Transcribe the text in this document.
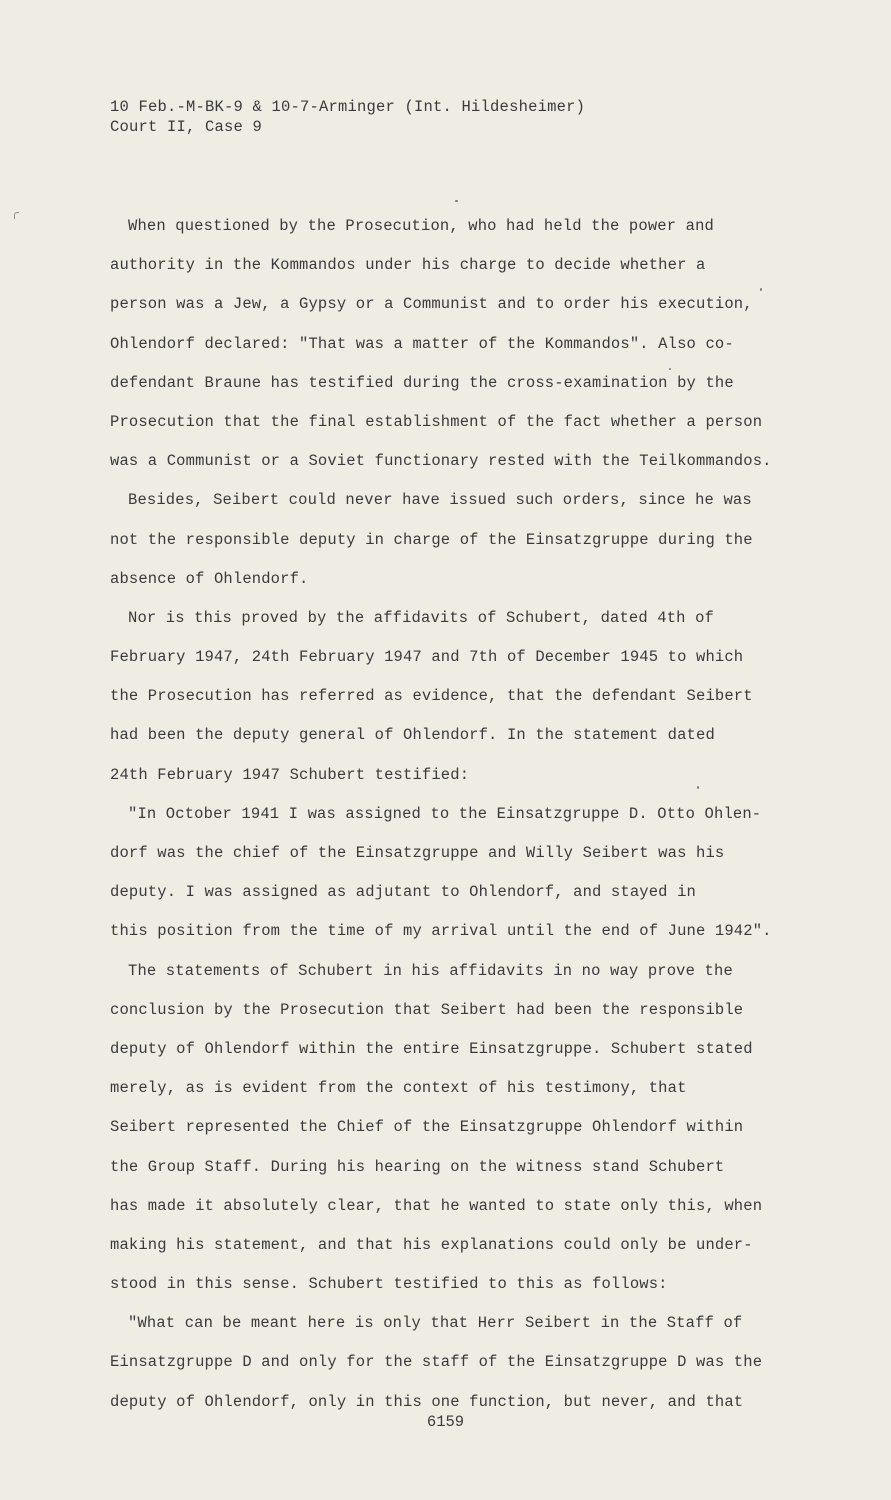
10 Feb.-M-BK-9 & 10-7-Arminger (Int. Hildesheimer)
Court II, Case 9
When questioned by the Prosecution, who had held the power and
authority in the Kommandos under his charge to decide whether a
person was a Jew, a Gypsy or a Communist and to order his execution,
Ohlendorf declared: "That was a matter of the Kommandos". Also co-
defendant Braune has testified during the cross-examination by the
Prosecution that the final establishment of the fact whether a person
was a Communist or a Soviet functionary rested with the Teilkommandos.
Besides, Seibert could never have issued such orders, since he was
not the responsible deputy in charge of the Einsatzgruppe during the
absence of Ohlendorf.
Nor is this proved by the affidavits of Schubert, dated 4th of
February 1947, 24th February 1947 and 7th of December 1945 to which
the Prosecution has referred as evidence, that the defendant Seibert
had been the deputy general of Ohlendorf. In the statement dated
24th February 1947 Schubert testified:
"In October 1941 I was assigned to the Einsatzgruppe D. Otto Ohlen-
dorf was the chief of the Einsatzgruppe and Willy Seibert was his
deputy. I was assigned as adjutant to Ohlendorf, and stayed in
this position from the time of my arrival until the end of June 1942".
The statements of Schubert in his affidavits in no way prove the
conclusion by the Prosecution that Seibert had been the responsible
deputy of Ohlendorf within the entire Einsatzgruppe. Schubert stated
merely, as is evident from the context of his testimony, that
Seibert represented the Chief of the Einsatzgruppe Ohlendorf within
the Group Staff. During his hearing on the witness stand Schubert
has made it absolutely clear, that he wanted to state only this, when
making his statement, and that his explanations could only be under-
stood in this sense. Schubert testified to this as follows:
"What can be meant here is only that Herr Seibert in the Staff of
Einsatzgruppe D and only for the staff of the Einsatzgruppe D was the
deputy of Ohlendorf, only in this one function, but never, and that
6159
